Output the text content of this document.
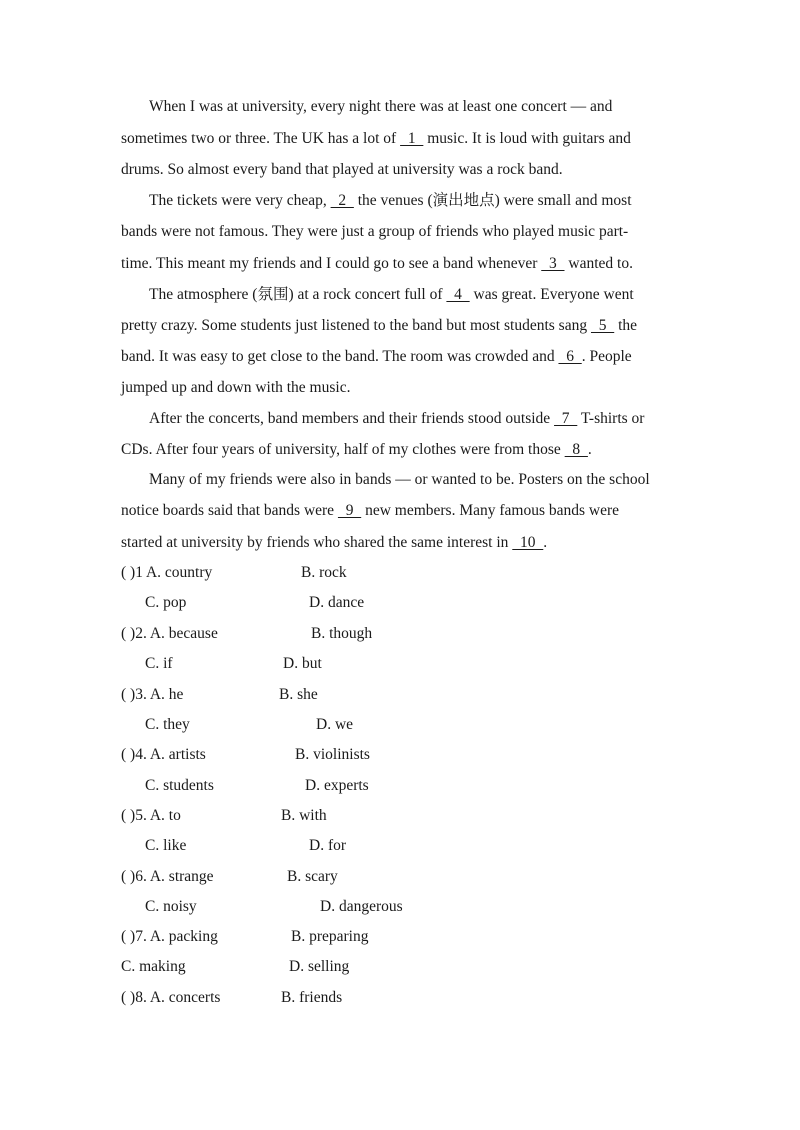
When I was at university, every night there was at least one concert — and
sometimes two or three. The UK has a lot of   1   music. It is loud with guitars and
drums. So almost every band that played at university was a rock band.
The tickets were very cheap,   2   the venues (演出地点) were small and most
bands were not famous. They were just a group of friends who played music part-
time. This meant my friends and I could go to see a band whenever   3   wanted to.
The atmosphere (氛围) at a rock concert full of   4   was great. Everyone went
pretty crazy. Some students just listened to the band but most students sang   5   the
band. It was easy to get close to the band. The room was crowded and   6  . People
jumped up and down with the music.
After the concerts, band members and their friends stood outside   7   T-shirts or
CDs. After four years of university, half of my clothes were from those   8  .
Many of my friends were also in bands — or wanted to be. Posters on the school
notice boards said that bands were   9   new members. Many famous bands were
started at university by friends who shared the same interest in   10  .
( )1 A. country	B. rock
C. pop	D. dance
( )2. A. because	B. though
C. if	D. but
( )3. A. he	B. she
C. they	D. we
( )4. A. artists	B. violinists
C. students	D. experts
( )5. A. to	B. with
C. like	D. for
( )6. A. strange	B. scary
C. noisy	D. dangerous
( )7. A. packing	B. preparing
C. making	D. selling
( )8. A. concerts	B. friends
